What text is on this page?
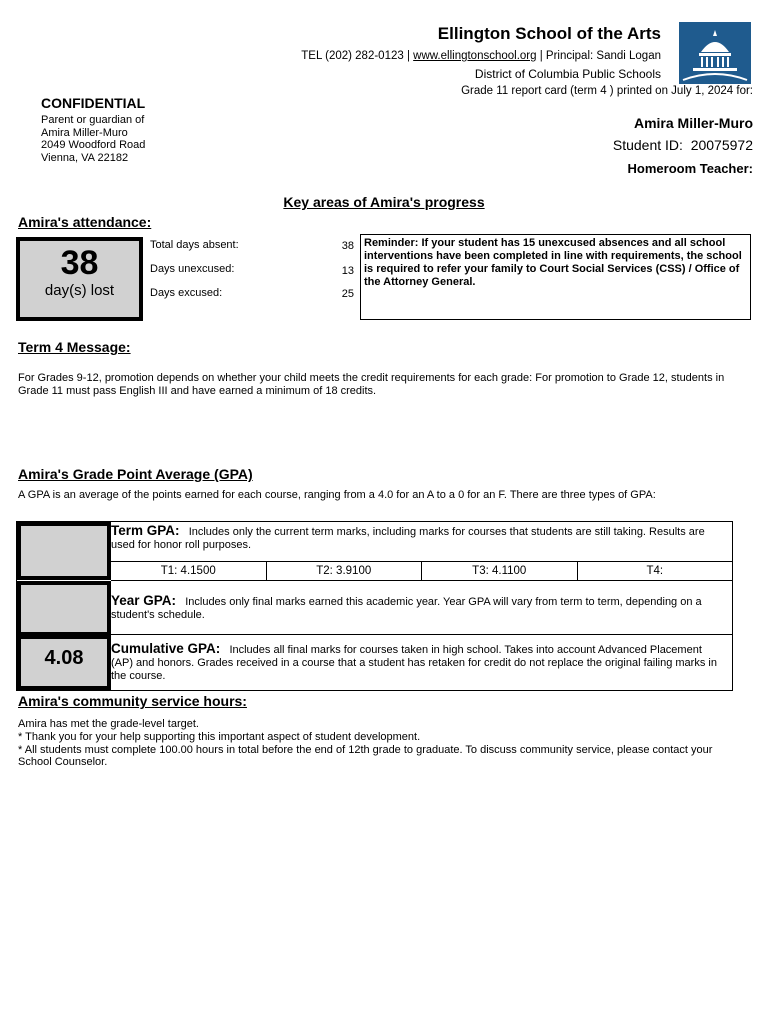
Ellington School of the Arts
TEL (202) 282-0123 | www.ellingtonschool.org | Principal: Sandi Logan
District of Columbia Public Schools
Grade 11 report card (term 4 ) printed on July 1, 2024 for:
CONFIDENTIAL
Parent or guardian of
Amira Miller-Muro
2049 Woodford Road
Vienna, VA 22182
Amira Miller-Muro
Student ID: 20075972
Homeroom Teacher:
Key areas of Amira's progress
Amira's attendance:
38
day(s) lost
Total days absent:	38
Days unexcused:	13
Days excused:	25
Reminder: If your student has 15 unexcused absences and all school interventions have been completed in line with requirements, the school is required to refer your family to Court Social Services (CSS) / Office of the Attorney General.
Term 4 Message:
For Grades 9-12, promotion depends on whether your child meets the credit requirements for each grade: For promotion to Grade 12, students in Grade 11 must pass English III and have earned a minimum of 18 credits.
Amira's Grade Point Average (GPA)
A GPA is an average of the points earned for each course, ranging from a 4.0 for an A to a 0 for an F. There are three types of GPA:
Term GPA: Includes only the current term marks, including marks for courses that students are still taking. Results are used for honor roll purposes.
T1: 4.1500	T2: 3.9100	T3: 4.1100	T4:
Year GPA: Includes only final marks earned this academic year. Year GPA will vary from term to term, depending on a student's schedule.
4.08	Cumulative GPA: Includes all final marks for courses taken in high school. Takes into account Advanced Placement (AP) and honors. Grades received in a course that a student has retaken for credit do not replace the original failing marks in the course.
Amira's community service hours:
Amira has met the grade-level target.
* Thank you for your help supporting this important aspect of student development.
* All students must complete 100.00 hours in total before the end of 12th grade to graduate. To discuss community service, please contact your School Counselor.
